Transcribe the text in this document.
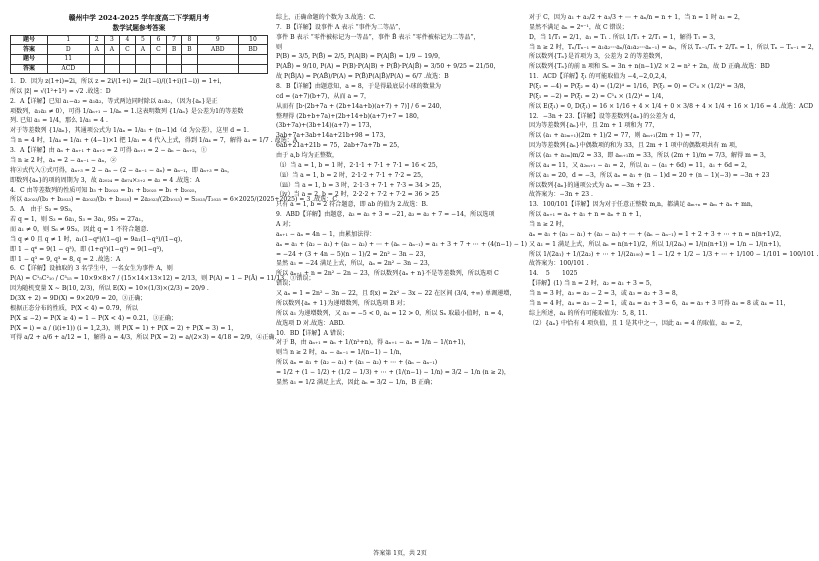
赣州中学 2024-2025 学年度高二下学期月考
数学试题参考答案
题号	1	2	3	4	5	6	7	8	9	10
答案	D	A	A	C	A	C	B	B	ABD	BD
题号	11									
答案	ACD									
1．D．因为 z(1+i)=2i，所以 z = 2i/(1+i) = 2i(1−i)/((1+i)(1−i)) = 1+i，
所以 |z̄| = √(1²+1²) = √2 .故选：D
2．A【详解】已知 a₁−a₂ = a₁a₂，等式两边同时除以 a₁a₂，（因为{aₙ}是正
项数列，a₁a₂ ≠ 0），可得 1/aₙ₊₁ − 1/aₙ = 1.这表明数列 {1/aₙ} 是公差为1的等差数
列. 已知 a₁ = 1/4，那么 1/a₁ = 4 .
对于等差数列 {1/aₙ}，其通项公式为 1/aₙ = 1/a₁ + (n−1)d（d 为公差），这里 d = 1.
当 n = 4 时，1/a₄ = 1/a₁ + (4−1)×1 把 1/a₁ = 4 代入上式，得到 1/a₄ = 7，解得 a₄ = 1/7 . 故选：A
3．A【详解】由 aₙ + aₙ₊₁ + aₙ₊₂ = 2 可得 aₙ₊₁ = 2 − aₙ − aₙ₊₂，①
当 n ≥ 2 时，aₙ = 2 − aₙ₋₁ − aₙ，②
将②式代入①式可得，aₙ₊₃ = 2 − aₙ − (2 − aₙ₋₁ − aₙ) = aₙ₋₁，即 aₙ₊₃ = aₙ，
即数列{aₙ}的项的周期为 3，故 a₂₀₂₄ = a₆₇₄×₃₊₂ = a₂ = 4 .故选：A
4．C 由等差数列的性质可知 b₃ + b₂₀₂₃ = b₁ + b₂₀₂₅ = b₁ + b₂₀₂₅，
所以 a₂₀₂₃/(b₃ + b₂₀₂₃) = a₂₀₂₃/(b₁ + b₂₀₂₅) = 2a₂₀₂₃/(2b₁₀₁₃) = S₂₀₂₅/T₂₀₂₅ = 6×2025/(2025+2025) = 3 .故选：C
5．A　由于 S₃ = 9S₃，
若 q = 1，则 S₃ = 6a₁, S₃ = 3a₁, 9S₃ = 27a₁，
而 a₁ ≠ 0，则 S₆ ≠ 9S₃，因此 q = 1 不符合题意.
当 q ≠ 0 且 q ≠ 1 时，a₁(1−q⁶)/(1−q) = 9a₁(1−q³)/(1−q)，
即 1 − q⁶ = 9(1 − q³)，即 (1+q³)(1−q³) = 9(1−q³)，
即 1 − q³ = 9, q³ = 8, q = 2 .故选：A
6．C【详解】设抽取的 3 名学生中，一名女生为事件 A，则
P(A) = C¹₅C²₁₀ / C³₁₅ = 10×9×8×7 / (15×14×13×12) = 2/13，则 P(A) = 1 − P(Ā) = 11/13，①错误；
因为随机变量 X ~ B(10, 2/3)，所以 E(X) = 10×(1/3)×(2/3) = 20/9 .
D(3X + 2) = 9D(X) = 9×20/9 = 20，③正确；
根据正态分布的性质，P(X < 4) = 0.79，所以
P(X ≤ −2) = P(X ≥ 4) = 1 − P(X < 4) = 0.21，③正确；
P(X = i) = a / (i(i+1)) (i = 1,2,3)，则 P(X = 1) + P(X = 2) + P(X = 3) = 1，
可得 a/2 + a/6 + a/12 = 1，解得 a = 4/3，所以 P(X = 2) = a/(2×3) = 4/18 = 2/9，④正确.
综上，正确命题的个数为 3.故选：C.
7．B【详解】设事件 A 表示 “事件为二等品”，
事件 B 表示 “零件被标记为一等品”，事件 B̄ 表示 “零件被标记为二等品”，
则
P(B) = 3/5, P(B̄) = 2/5, P(A|B) = P(A|B̄) = 1/9 − 19/9，
P(AB̄) = 9/10, P(A) = P(B)·P(A|B) + P(B̄)·P(A|B̄) = 3/50 + 9/25 = 21/50，
故 P(B̄|A) = P(AB̄)/P(A) = P(B̄)P(A|B̄)/P(A) = 6/7 .故选：B
8．B【详解】由题意知，a = 8，于是得最底层小球的数量为
cd = (a+7)(b+7)，从而 a = 7，
从而有 [b·(2b+7a + (2b+14a+b)(a+7) + 7)] / 6 = 240，
整理得 (2b+b+7a)+(2b+14+b)(a+7)+7 = 180，
(3b+7a)+(3b+14)(a+7) = 173，
3ab+7a+3ab+14a+21b+98 = 173，
6ab+21a+21b = 75，2ab+7a+7b = 25，
由于 a,b 均为正整数，
（i）当 a = 1, b = 1 时，2·1·1 + 7·1 + 7·1 = 16 < 25，
（ii）当 a = 1, b = 2 时，2·1·2 + 7·1 + 7·2 = 25，
（iii）当 a = 1, b = 3 时，2·1·3 + 7·1 + 7·3 = 34 > 25，
（iv）当 a = 2, b = 2 时，2·2·2 + 7·2 + 7·2 = 36 > 25
只有 a = 1, b = 2 符合题意，即 ab 的值为 2.故选：B.
9．ABD【详解】由题意，a₃ = a₂ + 3 = −21, a₃ = a₂ + 7 = −14，所以选项
A 对；
aₙ₊₁ − aₙ = 4n − 1，由累加法得：
aₙ = a₁ + (a₂ − a₁) + (a₃ − a₂) + ⋯ + (aₙ − aₙ₋₁) = a₁ + 3 + 7 + ⋯ + (4(n−1) − 1)
= −24 + (3 + 4n − 5)(n − 1)/2 = 2n² − 3n − 23，
显然 a₁ = −24 满足上式，所以，aₙ = 2n² − 3n − 23，
所以 aₙ₊₁ + n = 2n² − 2n − 23，所以数列{aₙ + n}不是等差数列，所以选项 C
错误；
又 aₙ = 1 = 2n² − 3n − 22，且 f(x) = 2x² − 3x − 22 在区间 (3/4, +∞) 单调递增，
所以数列{aₙ + 1}为递增数列，所以选项 B 对；
所以 a₁ 为递增数列，又 a₃ = −5 < 0, a₄ = 12 > 0，所以 Sₙ 取最小值时，n = 4，
故选项 D 对.故选：ABD.
10．BD【详解】A 错误；
对于 B，由 aₙ₊₁ = aₙ + 1/(n²+n)，得 aₙ₊₁ − aₙ = 1/n − 1/(n+1)，
则当 n ≥ 2 时，aₙ − aₙ₋₁ = 1/(n−1) − 1/n，
所以 aₙ = a₁ + (a₂ − a₁) + (a₃ − a₂) + ⋯ + (aₙ − aₙ₋₁)
= 1/2 + (1 − 1/2) + (1/2 − 1/3) + ⋯ + (1/(n−1) − 1/n) = 3/2 − 1/n (n ≥ 2)，
显然 a₁ = 1/2 满足上式，因此 aₙ = 3/2 − 1/n，B 正确；
对于 C，因为 a₁ + a₂/2 + a₃/3 + ⋯ + aₙ/n = n + 1，当 n = 1 时 a₁ = 2，
显然不满足 aₙ = 2ⁿ⁻¹，故 C 错误；
D，当 1/T₁ = 2/1，a₁ = T₁ . 所以 1/T₁ + 2/T₁ = 1，解得 T₁ = 3，
当 n ≥ 2 时，Tₙ/Tₙ₋₁ = a₁a₂⋯aₙ/(a₁a₂⋯aₙ₋₁) = aₙ，所以 Tₙ₋₁/Tₙ + 2/Tₙ = 1，所以 Tₙ − Tₙ₋₁ = 2，
所以数列{Tₙ}是首项为 3，公差为 2 的等差数列，
所以数列{Tₙ}的前 n 项和 Sₙ = 3n + n(n−1)/2 × 2 = n² + 2n，故 D 正确.故选：BD
11．ACD【详解】ξ₁ 的可能取值为 −4,−2,0,2,4，
P(ξ₁ = −4) = P(ξ₂ = 4) = (1/2)⁴ = 1/16，P(ξ₁ = 0) = C²₄ × (1/2)⁴ = 3/8，
P(ξ₁ = −2) = P(ξ₁ = 2) = C¹₄ × (1/2)⁴ = 1/4，
所以 E(ξ₁) = 0, D(ξ₁) = 16 × 1/16 + 4 × 1/4 + 0 × 3/8 + 4 × 1/4 + 16 × 1/16 = 4 .故选：ACD
12．−3n + 23.【详解】设等差数列{aₙ}的公差为 d，
因为等差数列{aₙ}中，且 2m + 1 项和为 77，
所以 (a₁ + a₂ₘ₊₁)(2m + 1)/2 = 77，则 aₘ₊₁(2m + 1) = 77，
因为等差数列{aₙ}中偶数项的和为 33，且 2m + 1 项中的偶数项共有 m 项，
所以 (a₂ + a₂ₘ)m/2 = 33，即 aₘ₊₁m = 33，所以 (2m + 1)/m = 7/3，解得 m = 3，
所以 a₄ = 11，又 a₂ₘ₊₁ − a₁ = 2，所以 a₁ − (a₁ + 6d) = 11，a₁ + 6d = 2，
所以 a₁ = 20，d = −3，所以 aₙ = a₁ + (n − 1)d = 20 + (n − 1)(−3) = −3n + 23
所以数列{aₙ}的通项公式为 aₙ = −3n + 23 .
故答案为：−3n + 23 .
13．100/101【详解】因为对于任意正整数 m,n，都满足 aₘ₊ₙ = aₘ + aₙ + mn，
所以 aₙ₊₁ = aₙ + a₁ + n = aₙ + n + 1，
当 n ≥ 2 时，
aₙ = a₁ + (a₂ − a₁) + (a₃ − a₂) + ⋯ + (aₙ − aₙ₋₁) = 1 + 2 + 3 + ⋯ + n = n(n+1)/2，
又 a₁ = 1 满足上式，所以 aₙ = n(n+1)/2，所以 1/(2aₙ) = 1/(n(n+1)) = 1/n − 1/(n+1)，
所以 1/(2a₁) + 1/(2a₂) + ⋯ + 1/(2a₁₀₀) = 1 − 1/2 + 1/2 − 1/3 + ⋯ + 1/100 − 1/101 = 100/101 .
故答案为：100/101 .
14．　5　　1025
【详解】(1) 当 n = 2 时，a₂ = a₁ + 3 = 5，
当 n = 3 时，a₃ = a₂ − 2 = 3，或 a₃ = a₂ + 3 = 8，
当 n = 4 时，a₄ = a₃ − 2 = 1，或 a₄ = a₃ + 3 = 6，a₄ = a₃ + 3 可得 a₄ = 8 或 a₄ = 11，
综上所述，a₄ 的所有可能取值为：5, 8, 11.
（2）{aₙ} 中恰有 4 项负值，且 1 是其中之一，因此 a₁ = 4 的取值，a₂ = 2，
答案第 1页，共 2页
